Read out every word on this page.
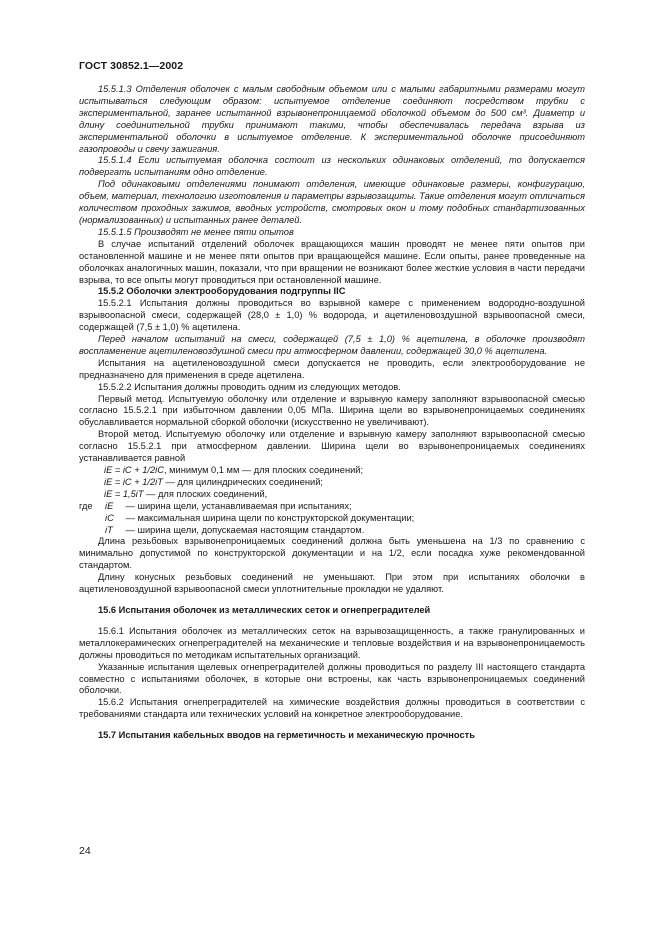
ГОСТ 30852.1—2002

15.5.1.3 Отделения оболочек с малым свободным объемом или с малыми габаритными размерами могут испытываться следующим образом: испытуемое отделение соединяют посредством трубки с экспериментальной, заранее испытанной взрывонепроницаемой оболочкой объемом до 500 см³. Диаметр и длину соединительной трубки принимают такими, чтобы обеспечивалась передача взрыва из экспериментальной оболочки в испытуемое отделение. К экспериментальной оболочке присоединяют газопроводы и свечу зажигания.

15.5.1.4 Если испытуемая оболочка состоит из нескольких одинаковых отделений, то допускается подвергать испытаниям одно отделение.

Под одинаковыми отделениями понимают отделения, имеющие одинаковые размеры, конфигурацию, объем, материал, технологию изготовления и параметры взрывозащиты. Такие отделения могут отличаться количеством проходных зажимов, вводных устройств, смотровых окон и тому подобных стандартизованных (нормализованных) и испытанных ранее деталей.

15.5.1.5 Производят не менее пяти опытов

В случае испытаний отделений оболочек вращающихся машин проводят не менее пяти опытов при остановленной машине и не менее пяти опытов при вращающейся машине. Если опыты, ранее проведенные на оболочках аналогичных машин, показали, что при вращении не возникают более жесткие условия в части передачи взрыва, то все опыты могут проводиться при остановленной машине.

15.5.2 Оболочки электрооборудования подгруппы IIC

15.5.2.1 Испытания должны проводиться во взрывной камере с применением водородно-воздушной взрывоопасной смеси, содержащей (28,0 ± 1,0) % водорода, и ацетиленовоздушной взрывоопасной смеси, содержащей (7,5 ± 1,0) % ацетилена.

Перед началом испытаний на смеси, содержащей (7,5 ± 1,0) % ацетилена, в оболочке производят воспламенение ацетиленовоздушной смеси при атмосферном давлении, содержащей 30,0 % ацетилена.

Испытания на ацетиленовоздушной смеси допускается не проводить, если электрооборудование не предназначено для применения в среде ацетилена.

15.5.2.2 Испытания должны проводить одним из следующих методов.

Первый метод. Испытуемую оболочку или отделение и взрывную камеру заполняют взрывоопасной смесью согласно 15.5.2.1 при избыточном давлении 0,05 МПа. Ширина щели во взрывонепроницаемых соединениях обуславливается нормальной сборкой оболочки (искусственно не увеличивают).

Второй метод. Испытуемую оболочку или отделение и взрывную камеру заполняют взрывоопасной смесью согласно 15.5.2.1 при атмосферном давлении. Ширина щели во взрывонепроницаемых соединениях устанавливается равной

iE = iC + 1/2iC, минимум 0,1 мм — для плоских соединений;
iE = iC + 1/2iT — для цилиндрических соединений;
iE = 1,5iT — для плоских соединений,
где iE — ширина щели, устанавливаемая при испытаниях;
iC — максимальная ширина щели по конструкторской документации;
iT — ширина щели, допускаемая настоящим стандартом.

Длина резьбовых взрывонепроницаемых соединений должна быть уменьшена на 1/3 по сравнению с минимально допустимой по конструкторской документации и на 1/2, если посадка хуже рекомендованной стандартом.

Длину конусных резьбовых соединений не уменьшают. При этом при испытаниях оболочки в ацетиленовоздушной взрывоопасной смеси уплотнительные прокладки не удаляют.

15.6 Испытания оболочек из металлических сеток и огнепреградителей

15.6.1 Испытания оболочек из металлических сеток на взрывозащищенность, а также гранулированных и металлокерамических огнепреградителей на механические и тепловые воздействия и на взрывонепроницаемость должны проводиться по методикам испытательных организаций.

Указанные испытания щелевых огнепреградителей должны проводиться по разделу III настоящего стандарта совместно с испытаниями оболочек, в которые они встроены, как часть взрывонепроницаемых соединений оболочки.

15.6.2 Испытания огнепреградителей на химические воздействия должны проводиться в соответствии с требованиями стандарта или технических условий на конкретное электрооборудование.

15.7 Испытания кабельных вводов на герметичность и механическую прочность

24
